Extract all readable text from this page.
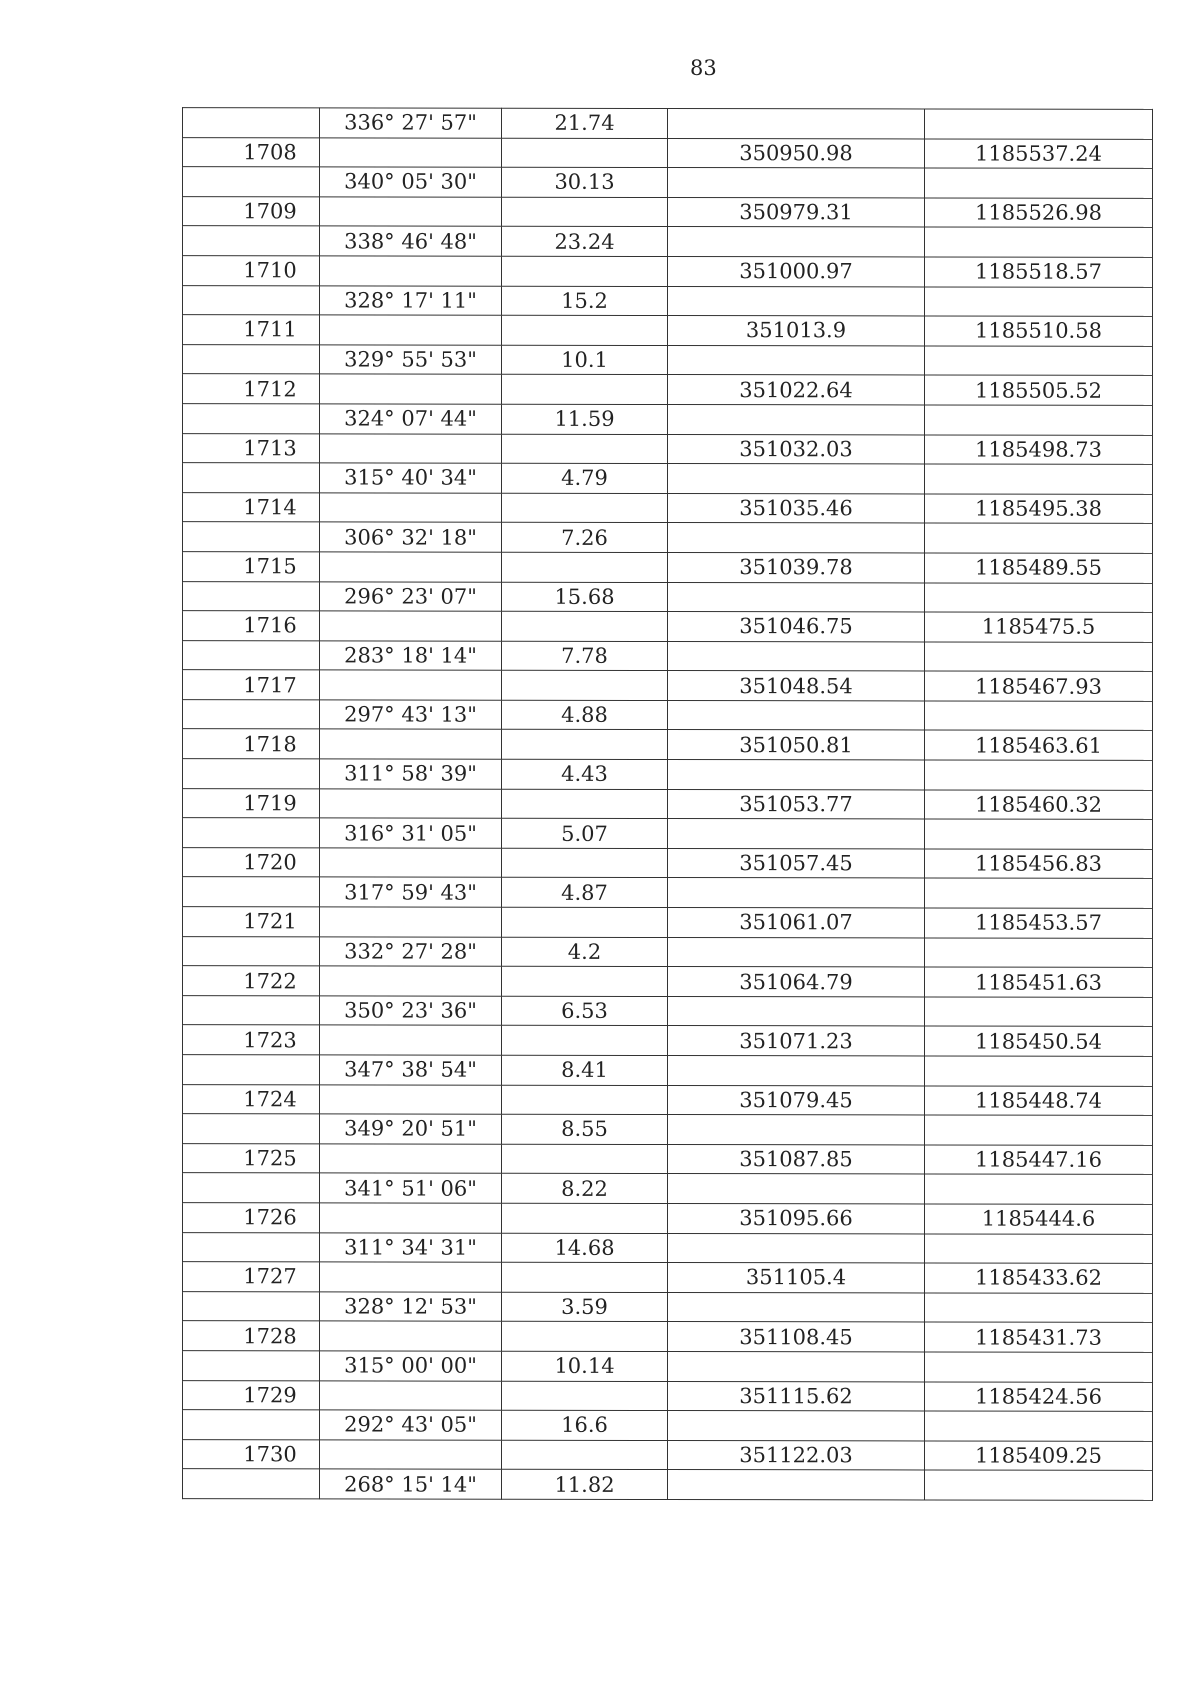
83
	336° 27' 57"	21.74		
1708			350950.98	1185537.24
	340° 05' 30"	30.13		
1709			350979.31	1185526.98
	338° 46' 48"	23.24		
1710			351000.97	1185518.57
	328° 17' 11"	15.2		
1711			351013.9	1185510.58
	329° 55' 53"	10.1		
1712			351022.64	1185505.52
	324° 07' 44"	11.59		
1713			351032.03	1185498.73
	315° 40' 34"	4.79		
1714			351035.46	1185495.38
	306° 32' 18"	7.26		
1715			351039.78	1185489.55
	296° 23' 07"	15.68		
1716			351046.75	1185475.5
	283° 18' 14"	7.78		
1717			351048.54	1185467.93
	297° 43' 13"	4.88		
1718			351050.81	1185463.61
	311° 58' 39"	4.43		
1719			351053.77	1185460.32
	316° 31' 05"	5.07		
1720			351057.45	1185456.83
	317° 59' 43"	4.87		
1721			351061.07	1185453.57
	332° 27' 28"	4.2		
1722			351064.79	1185451.63
	350° 23' 36"	6.53		
1723			351071.23	1185450.54
	347° 38' 54"	8.41		
1724			351079.45	1185448.74
	349° 20' 51"	8.55		
1725			351087.85	1185447.16
	341° 51' 06"	8.22		
1726			351095.66	1185444.6
	311° 34' 31"	14.68		
1727			351105.4	1185433.62
	328° 12' 53"	3.59		
1728			351108.45	1185431.73
	315° 00' 00"	10.14		
1729			351115.62	1185424.56
	292° 43' 05"	16.6		
1730			351122.03	1185409.25
	268° 15' 14"	11.82		
